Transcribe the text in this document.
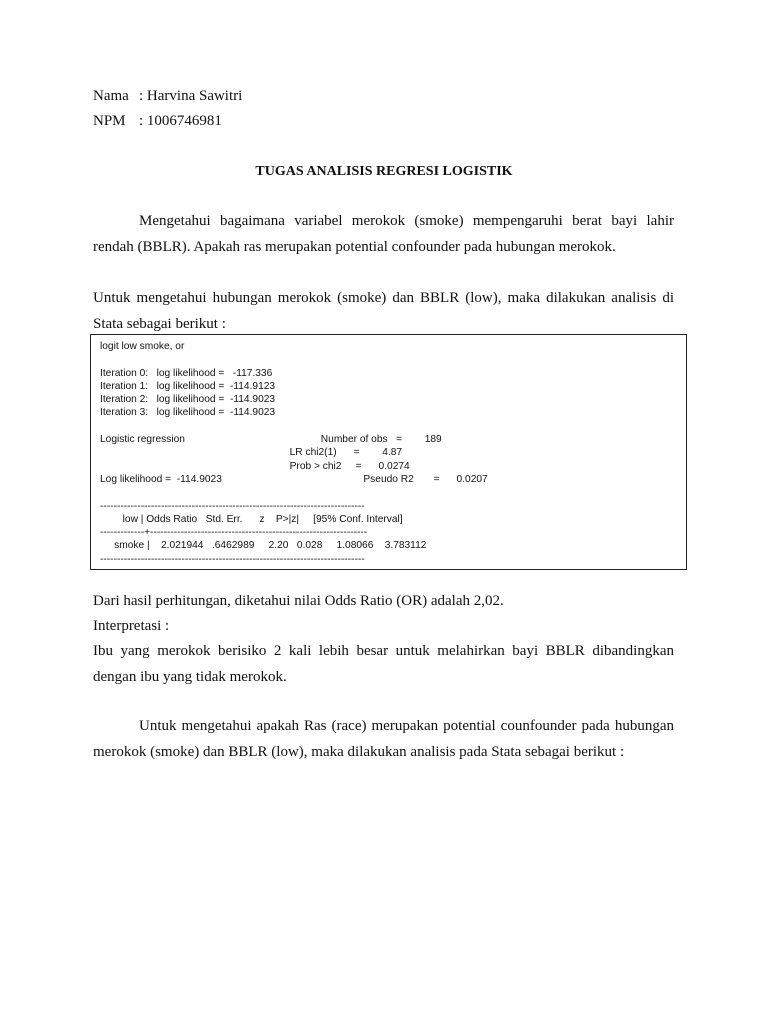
Nama : Harvina Sawitri
NPM : 1006746981
TUGAS ANALISIS REGRESI LOGISTIK

Mengetahui bagaimana variabel merokok (smoke) mempengaruhi berat bayi lahir rendah (BBLR). Apakah ras merupakan potential confounder pada hubungan merokok.

Untuk mengetahui hubungan merokok (smoke) dan BBLR (low), maka dilakukan analisis di Stata sebagai berikut :

logit low smoke, or

Iteration 0:   log likelihood =   -117.336
Iteration 1:   log likelihood =  -114.9123
Iteration 2:   log likelihood =  -114.9023
Iteration 3:   log likelihood =  -114.9023

Logistic regression                                                Number of obs   =        189
LR chi2(1)      =        4.87
Prob > chi2     =      0.0274
Log likelihood =  -114.9023                                                  Pseudo R2       =      0.0207

------------------------------------------------------------------------------
low | Odds Ratio   Std. Err.      z    P>|z|     [95% Conf. Interval]
-------------+----------------------------------------------------------------
smoke |    2.021944   .6462989     2.20   0.028     1.08066    3.783112
------------------------------------------------------------------------------

Dari hasil perhitungan, diketahui nilai Odds Ratio (OR) adalah 2,02.

Interpretasi :

Ibu yang merokok berisiko 2 kali lebih besar untuk melahirkan bayi BBLR dibandingkan dengan ibu yang tidak merokok.

Untuk mengetahui apakah Ras (race) merupakan potential counfounder pada hubungan merokok (smoke) dan BBLR (low), maka dilakukan analisis pada Stata sebagai berikut :
